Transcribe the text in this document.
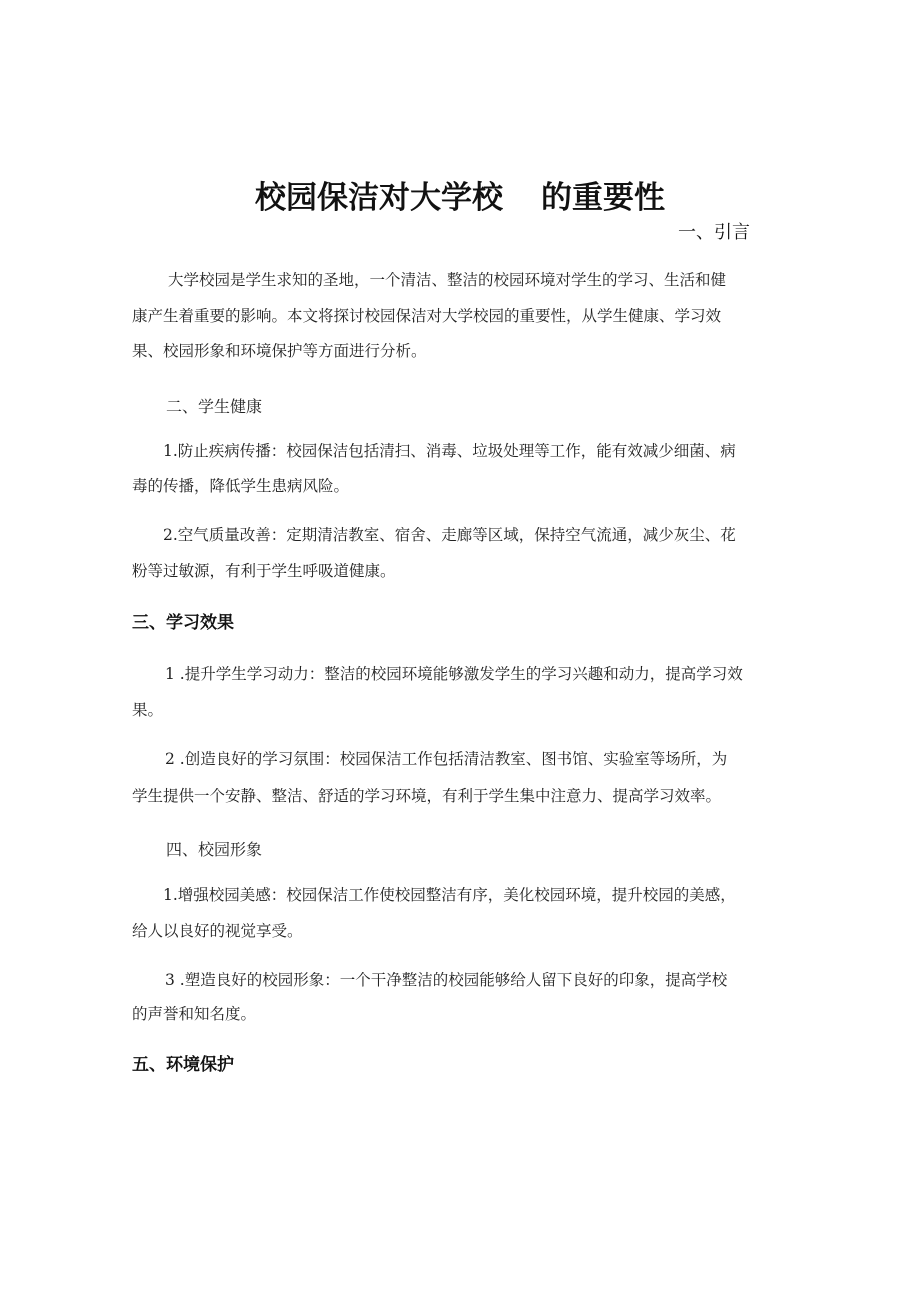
校园保洁对大学校 的重要性
一、引言

大学校园是学生求知的圣地，一个清洁、整洁的校园环境对学生的学习、生活和健

康产生着重要的影响。本文将探讨校园保洁对大学校园的重要性，从学生健康、学习效

果、校园形象和环境保护等方面进行分析。

二、学生健康

1.防止疾病传播：校园保洁包括清扫、消毒、垃圾处理等工作，能有效减少细菌、病

毒的传播，降低学生患病风险。

2.空气质量改善：定期清洁教室、宿舍、走廊等区域，保持空气流通，减少灰尘、花

粉等过敏源，有利于学生呼吸道健康。

三、学习效果

1 .提升学生学习动力：整洁的校园环境能够激发学生的学习兴趣和动力，提高学习效

果。

2 .创造良好的学习氛围：校园保洁工作包括清洁教室、图书馆、实验室等场所，为

学生提供一个安静、整洁、舒适的学习环境，有利于学生集中注意力、提高学习效率。

四、校园形象

1.增强校园美感：校园保洁工作使校园整洁有序，美化校园环境，提升校园的美感，

给人以良好的视觉享受。

3 .塑造良好的校园形象：一个干净整洁的校园能够给人留下良好的印象，提高学校

的声誉和知名度。

五、环境保护
